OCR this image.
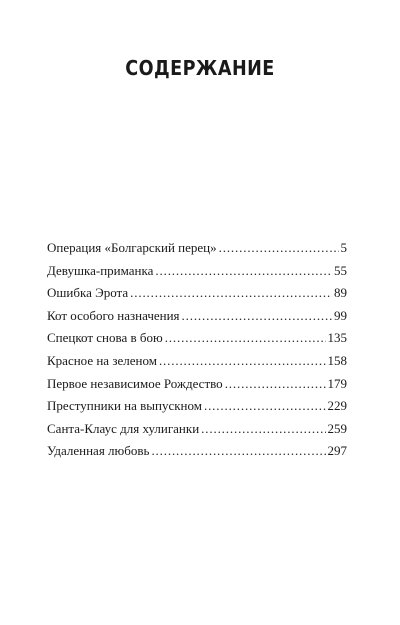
СОДЕРЖАНИЕ
Операция «Болгарский перец» . . .	5
Девушка-приманка . . .	55
Ошибка Эрота . . .	89
Кот особого назначения . . .	99
Спецкот снова в бою . . .	135
Красное на зеленом . . .	158
Первое независимое Рождество . . .	179
Преступники на выпускном . . .	229
Санта-Клаус для хулиганки . . .	259
Удаленная любовь . . .	297
